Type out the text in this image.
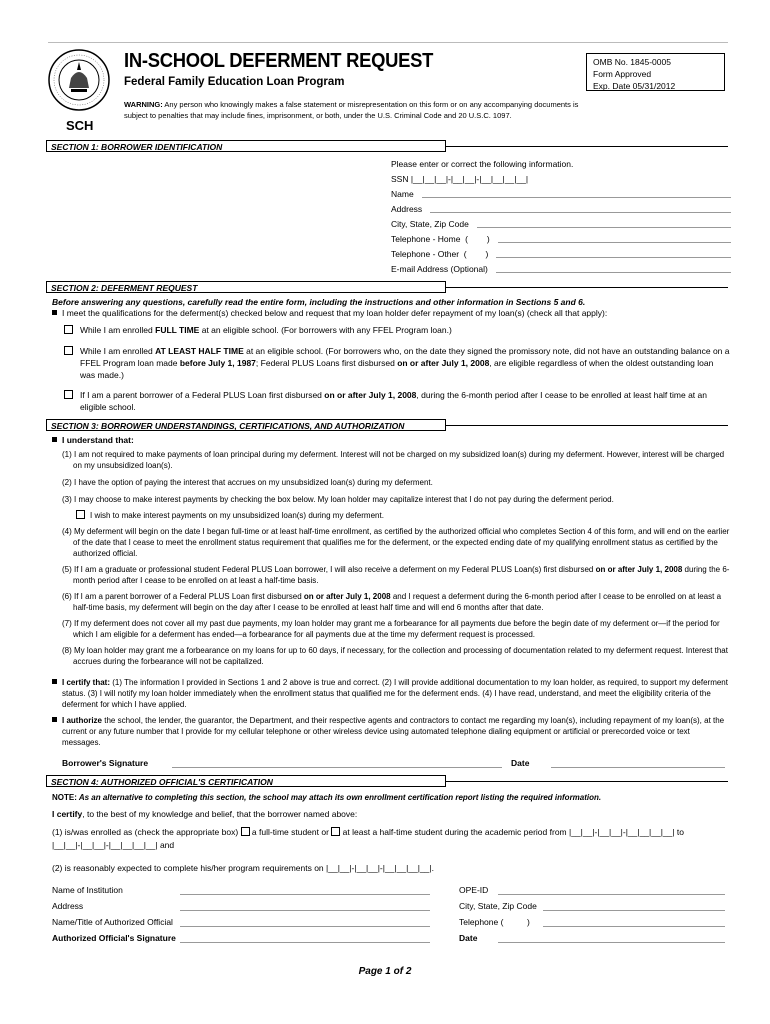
IN-SCHOOL DEFERMENT REQUEST
Federal Family Education Loan Program
OMB No. 1845-0005
Form Approved
Exp. Date 05/31/2012
WARNING: Any person who knowingly makes a false statement or misrepresentation on this form or on any accompanying documents is subject to penalties that may include fines, imprisonment, or both, under the U.S. Criminal Code and 20 U.S.C. 1097.
SCH
SECTION 1: BORROWER IDENTIFICATION
Please enter or correct the following information.
SSN |__|__|__|-|__|__|-|__|__|__|__|
Name
Address
City, State, Zip Code
Telephone - Home  (        )
Telephone - Other  (        )
E-mail Address (Optional)
SECTION 2: DEFERMENT REQUEST
Before answering any questions, carefully read the entire form, including the instructions and other information in Sections 5 and 6.
I meet the qualifications for the deferment(s) checked below and request that my loan holder defer repayment of my loan(s) (check all that apply):
While I am enrolled FULL TIME at an eligible school. (For borrowers with any FFEL Program loan.)
While I am enrolled AT LEAST HALF TIME at an eligible school. (For borrowers who, on the date they signed the promissory note, did not have an outstanding balance on a FFEL Program loan made before July 1, 1987; Federal PLUS Loans first disbursed on or after July 1, 2008, are eligible regardless of when the oldest outstanding loan was made.)
If I am a parent borrower of a Federal PLUS Loan first disbursed on or after July 1, 2008, during the 6-month period after I cease to be enrolled at least half time at an eligible school.
SECTION 3: BORROWER UNDERSTANDINGS, CERTIFICATIONS, AND AUTHORIZATION
I understand that:
(1) I am not required to make payments of loan principal during my deferment. Interest will not be charged on my subsidized loan(s) during my deferment. However, interest will be charged on my unsubsidized loan(s).
(2) I have the option of paying the interest that accrues on my unsubsidized loan(s) during my deferment.
(3) I may choose to make interest payments by checking the box below. My loan holder may capitalize interest that I do not pay during the deferment period.
I wish to make interest payments on my unsubsidized loan(s) during my deferment.
(4) My deferment will begin on the date I began full-time or at least half-time enrollment, as certified by the authorized official who completes Section 4 of this form, and will end on the earlier of the date that I cease to meet the enrollment status requirement that qualifies me for the deferment, or the expected ending date of my qualifying enrollment status as certified by the authorized official.
(5) If I am a graduate or professional student Federal PLUS Loan borrower, I will also receive a deferment on my Federal PLUS Loan(s) first disbursed on or after July 1, 2008 during the 6-month period after I cease to be enrolled on at least a half-time basis.
(6) If I am a parent borrower of a Federal PLUS Loan first disbursed on or after July 1, 2008 and I request a deferment during the 6-month period after I cease to be enrolled on at least a half-time basis, my deferment will begin on the day after I cease to be enrolled at least half time and will end 6 months after that date.
(7) If my deferment does not cover all my past due payments, my loan holder may grant me a forbearance for all payments due before the begin date of my deferment or—if the period for which I am eligible for a deferment has ended—a forbearance for all payments due at the time my deferment request is processed.
(8) My loan holder may grant me a forbearance on my loans for up to 60 days, if necessary, for the collection and processing of documentation related to my deferment request. Interest that accrues during the forbearance will not be capitalized.
I certify that: (1) The information I provided in Sections 1 and 2 above is true and correct. (2) I will provide additional documentation to my loan holder, as required, to support my deferment status. (3) I will notify my loan holder immediately when the enrollment status that qualified me for the deferment ends. (4) I have read, understand, and meet the eligibility criteria of the deferment for which I have applied.
I authorize the school, the lender, the guarantor, the Department, and their respective agents and contractors to contact me regarding my loan(s), including repayment of my loan(s), at the current or any future number that I provide for my cellular telephone or other wireless device using automated telephone dialing equipment or artificial or prerecorded voice or text messages.
Borrower's Signature	Date
SECTION 4: AUTHORIZED OFFICIAL'S CERTIFICATION
NOTE: As an alternative to completing this section, the school may attach its own enrollment certification report listing the required information.
I certify, to the best of my knowledge and belief, that the borrower named above:
(1) is/was enrolled as (check the appropriate box) a full-time student or at least a half-time student during the academic period from |__|__|-|__|__|-|__|__|__|__| to
|__|__|-|__|__|-|__|__|__|__| and
(2) is reasonably expected to complete his/her program requirements on |__|__|-|__|__|-|__|__|__|__|.
Name of Institution	OPE-ID
Address	City, State, Zip Code
Name/Title of Authorized Official	Telephone (          )
Authorized Official's Signature	Date
Page 1 of 2
